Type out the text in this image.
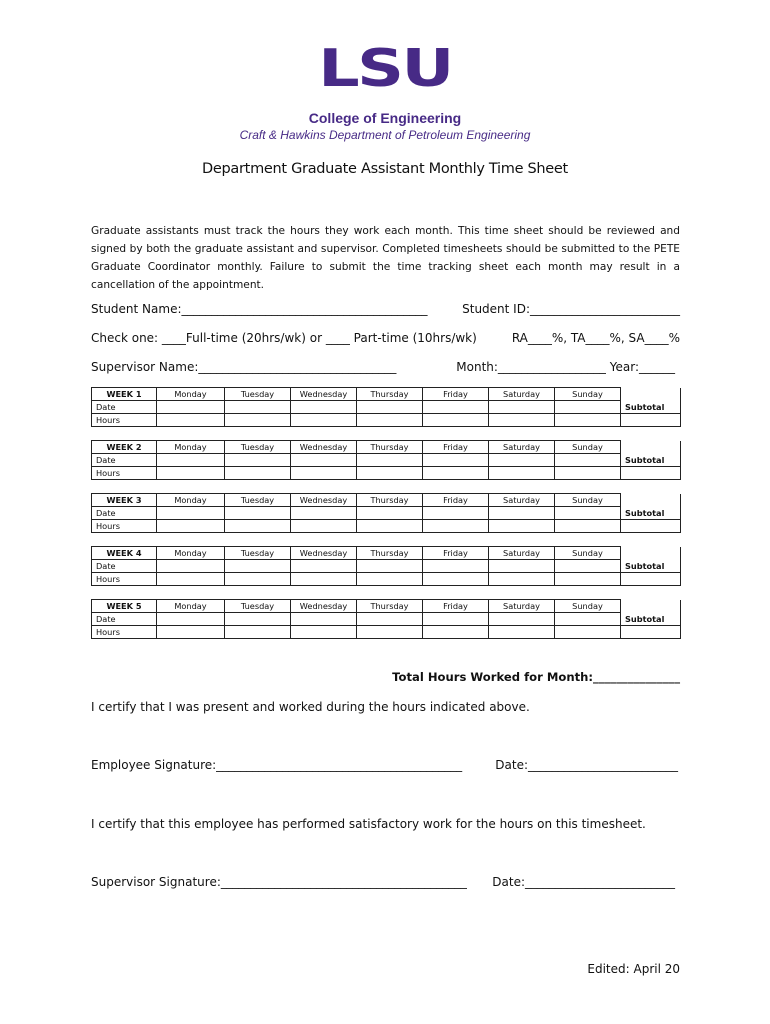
LSU
College of Engineering
Craft & Hawkins Department of Petroleum Engineering
Department Graduate Assistant Monthly Time Sheet
Graduate assistants must track the hours they work each month. This time sheet should be reviewed and signed by both the graduate assistant and supervisor. Completed timesheets should be submitted to the PETE Graduate Coordinator monthly. Failure to submit the time tracking sheet each month may result in a cancellation of the appointment.
Student Name:_________________________________________	Student ID:_________________________
Check one: ____Full-time (20hrs/wk) or ____ Part-time (10hrs/wk)	RA____%, TA____%, SA____%
Supervisor Name:_________________________________	Month:__________________ Year:______
WEEK 1	Monday	Tuesday	Wednesday	Thursday	Friday	Saturday	Sunday	
Date								Subtotal
Hours								
WEEK 2	Monday	Tuesday	Wednesday	Thursday	Friday	Saturday	Sunday	
Date								Subtotal
Hours								
WEEK 3	Monday	Tuesday	Wednesday	Thursday	Friday	Saturday	Sunday	
Date								Subtotal
Hours								
WEEK 4	Monday	Tuesday	Wednesday	Thursday	Friday	Saturday	Sunday	
Date								Subtotal
Hours								
WEEK 5	Monday	Tuesday	Wednesday	Thursday	Friday	Saturday	Sunday	
Date								Subtotal
Hours								
Total Hours Worked for Month:_______________
I certify that I was present and worked during the hours indicated above.
Employee Signature:_________________________________________	Date:_________________________
I certify that this employee has performed satisfactory work for the hours on this timesheet.
Supervisor Signature:_________________________________________ Date:_________________________
Edited: April 20
